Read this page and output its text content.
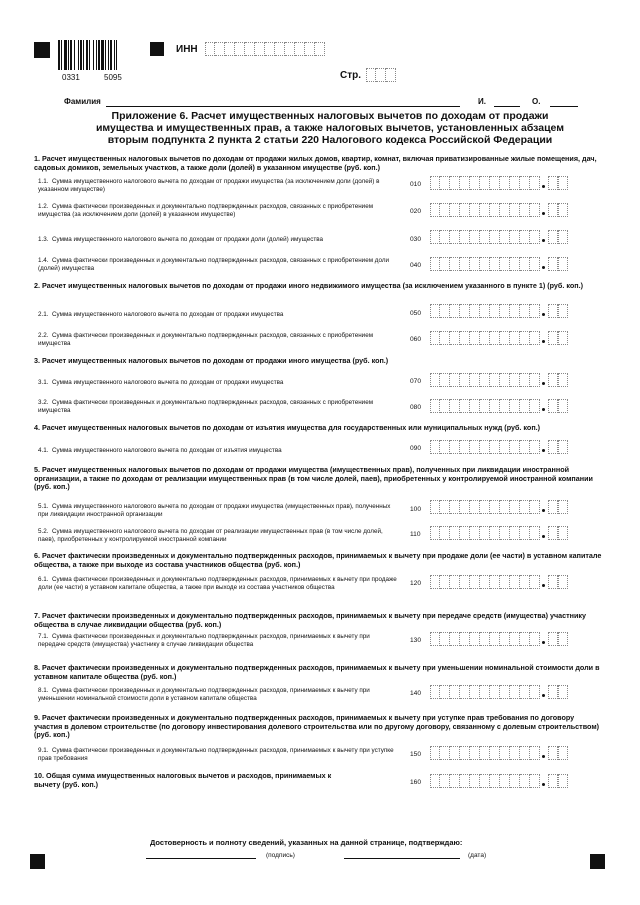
0331	5095
ИНН
Стр.
Фамилия	И.	О.
Приложение 6. Расчет имущественных налоговых вычетов по доходам от продажи имущества и имущественных прав, а также налоговых вычетов, установленных абзацем вторым подпункта 2 пункта 2 статьи 220 Налогового кодекса Российской Федерации
1. Расчет имущественных налоговых вычетов по доходам от продажи жилых домов, квартир, комнат, включая приватизированные жилые помещения, дач, садовых домиков, земельных участков, а также доли (долей) в указанном имуществе (руб. коп.)
2. Расчет имущественных налоговых вычетов по доходам от продажи иного недвижимого имущества (за исключением указанного в пункте 1) (руб. коп.)
3. Расчет имущественных налоговых вычетов по доходам от продажи иного имущества (руб. коп.)
4. Расчет имущественных налоговых вычетов по доходам от изъятия имущества для государственных или муниципальных нужд (руб. коп.)
5. Расчет имущественных налоговых вычетов по доходам от продажи имущества (имущественных прав), полученных при ликвидации иностранной организации, а также по доходам от реализации имущественных прав (в том числе долей, паев), приобретенных у контролируемой иностранной компании (руб. коп.)
6. Расчет фактически произведенных и документально подтвержденных расходов, принимаемых к вычету при продаже доли (ее части) в уставном капитале общества, а также при выходе из состава участников общества (руб. коп.)
7. Расчет фактически произведенных и документально подтвержденных расходов, принимаемых к вычету при передаче средств (имущества) участнику общества в случае ликвидации общества (руб. коп.)
8. Расчет фактически произведенных и документально подтвержденных расходов, принимаемых к вычету при уменьшении номинальной стоимости доли в уставном капитале общества (руб. коп.)
9. Расчет фактически произведенных и документально подтвержденных расходов, принимаемых к вычету при уступке прав требования по договору участия в долевом строительстве (по договору инвестирования долевого строительства или по другому договору, связанному с долевым строительством) (руб. коп.)
1.1. Сумма имущественного налогового вычета по доходам от продажи имущества (за исключением доли (долей) в указанном имуществе)
010
1.2. Сумма фактически произведенных и документально подтвержденных расходов, связанных с приобретением имущества (за исключением доли (долей) в указанном имуществе)	020
1.3. Сумма имущественного налогового вычета по доходам от продажи доли (долей) имущества	030
1.4. Сумма фактически произведенных и документально подтвержденных расходов, связанных с приобретением доли (долей) имущества	040
2.1. Сумма имущественного налогового вычета по доходам от продажи имущества	050
2.2. Сумма фактически произведенных и документально подтвержденных расходов, связанных с приобретением имущества
060
3.1. Сумма имущественного налогового вычета по доходам от продажи имущества	070
3.2. Сумма фактически произведенных и документально подтвержденных расходов, связанных с приобретением имущества	080
4.1. Сумма имущественного налогового вычета по доходам от изъятия имущества	090
5.1. Сумма имущественного налогового вычета по доходам от продажи имущества (имущественных прав), полученных при ликвидации иностранной организации
100
5.2. Сумма имущественного налогового вычета по доходам от реализации имущественных прав (в том числе долей, паев), приобретенных у контролируемой иностранной компании
110
6.1. Сумма фактически произведенных и документально подтвержденных расходов, принимаемых к вычету при продаже доли (ее части) в уставном капитале общества, а также при выходе из состава участников общества
120
7.1. Сумма фактически произведенных и документально подтвержденных расходов, принимаемых к вычету при передаче средств (имущества) участнику в случае ликвидации общества
130
8.1. Сумма фактически произведенных и документально подтвержденных расходов, принимаемых к вычету при уменьшении номинальной стоимости доли в уставном капитале общества
140
9.1. Сумма фактически произведенных и документально подтвержденных расходов, принимаемых к вычету при уступке прав требования
150
10. Общая сумма имущественных налоговых вычетов и расходов, принимаемых к вычету (руб. коп.)	160
Достоверность и полноту сведений, указанных на данной странице, подтверждаю:
(подпись)	(дата)
